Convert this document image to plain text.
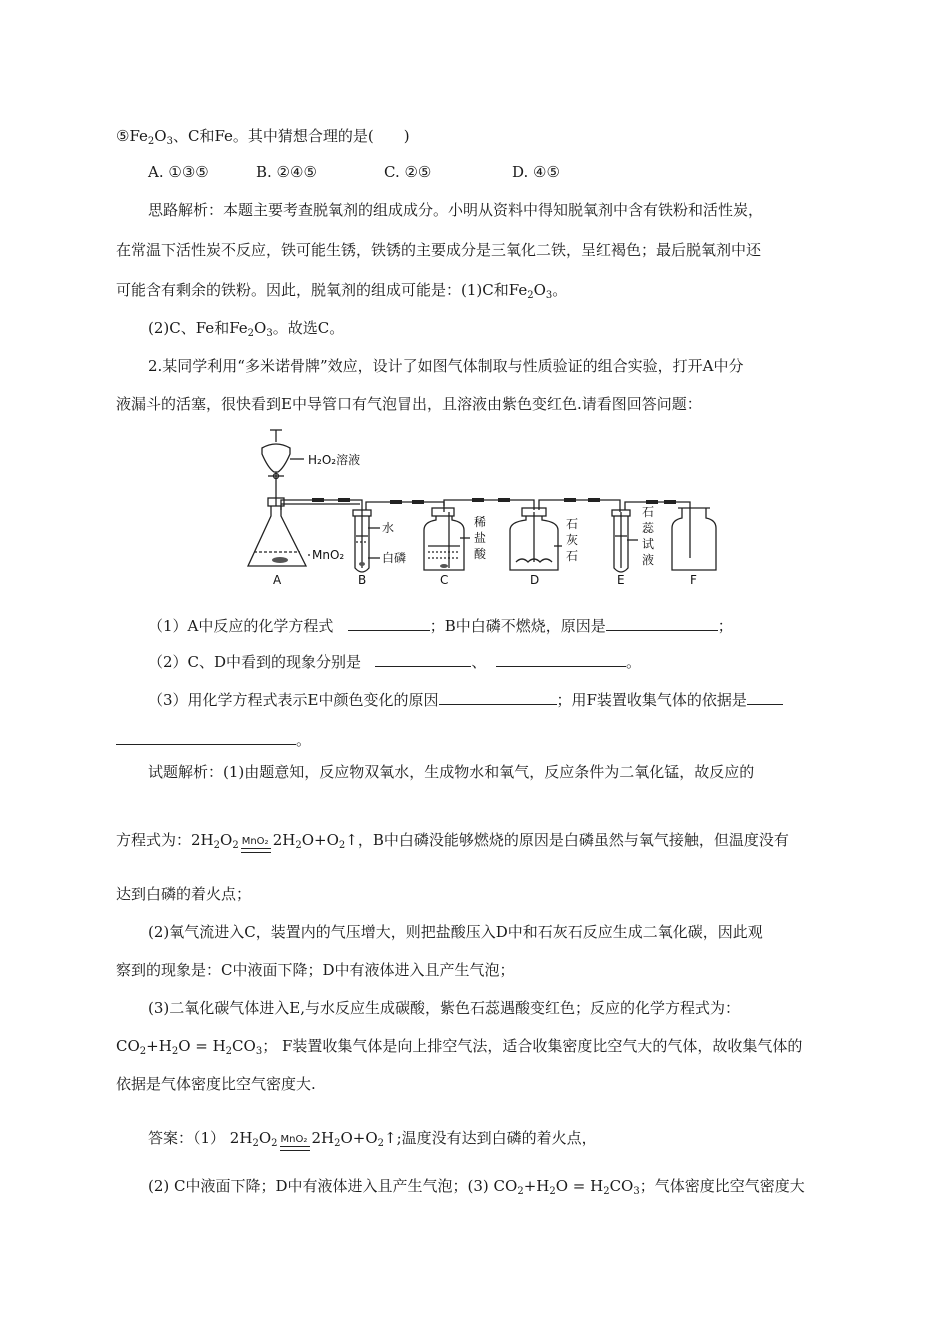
$⑤Fe_2O_3$、C和Fe。其中猜想合理的是(　　)
A. ①③⑤	B. ②④⑤	C. ②⑤	D. ④⑤
思路解析：本题主要考查脱氧剂的组成成分。小明从资料中得知脱氧剂中含有铁粉和活性炭，
在常温下活性炭不反应，铁可能生锈，铁锈的主要成分是三氧化二铁，呈红褐色；最后脱氧剂中还
可能含有剩余的铁粉。因此，脱氧剂的组成可能是：(1)C和$Fe_2O_3$。
(2)C、Fe和$Fe_2O_3$。故选C。
2.某同学利用“多米诺骨牌”效应，设计了如图气体制取与性质验证的组合实验，打开A中分
液漏斗的活塞，很快看到E中导管口有气泡冒出，且溶液由紫色变红色.请看图回答问题：
H₂O₂溶液
MnO₂
水
白磷
稀
盐
酸
石
灰
石
石
蕊
试
液
A	B	C	D	E	F
（1）A中反应的化学方程式	；B中白磷不燃烧，原因是	；
（2）C、D中看到的现象分别是	、	。
（3）用化学方程式表示E中颜色变化的原因	；用F装置收集气体的依据是
。
试题解析：(1)由题意知，反应物双氧水，生成物水和氧气，反应条件为二氧化锰，故反应的
方程式为：$2H_2O_2$ MnO₂ $2H_2O+O_2↑$，B中白磷没能够燃烧的原因是白磷虽然与氧气接触，但温度没有
达到白磷的着火点；
(2)氧气流进入C，装置内的气压增大，则把盐酸压入D中和石灰石反应生成二氧化碳，因此观
察到的现象是：C中液面下降；D中有液体进入且产生气泡；
(3)二氧化碳气体进入E,与水反应生成碳酸，紫色石蕊遇酸变红色；反应的化学方程式为：
$CO_2+H_2O = H_2CO_3$； F装置收集气体是向上排空气法，适合收集密度比空气大的气体，故收集气体的
依据是气体密度比空气密度大.
答案：（1） $2H_2O_2$ MnO₂ $2H_2O+O_2↑$;温度没有达到白磷的着火点，
(2) C中液面下降；D中有液体进入且产生气泡；(3) $CO_2+H_2O = H_2CO_3$；气体密度比空气密度大
